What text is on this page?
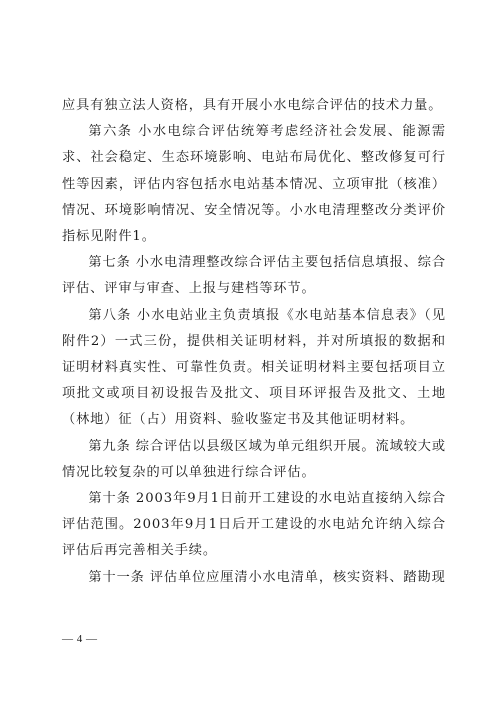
应具有独立法人资格，具有开展小水电综合评估的技术力量。

第六条 小水电综合评估统筹考虑经济社会发展、能源需求、社会稳定、生态环境影响、电站布局优化、整改修复可行性等因素，评估内容包括水电站基本情况、立项审批（核准）情况、环境影响情况、安全情况等。小水电清理整改分类评价指标见附件1。

第七条 小水电清理整改综合评估主要包括信息填报、综合评估、评审与审查、上报与建档等环节。

第八条 小水电站业主负责填报《水电站基本信息表》（见附件2）一式三份，提供相关证明材料，并对所填报的数据和证明材料真实性、可靠性负责。相关证明材料主要包括项目立项批文或项目初设报告及批文、项目环评报告及批文、土地（林地）征（占）用资料、验收鉴定书及其他证明材料。

第九条 综合评估以县级区域为单元组织开展。流域较大或情况比较复杂的可以单独进行综合评估。

第十条 2003年9月1日前开工建设的水电站直接纳入综合评估范围。2003年9月1日后开工建设的水电站允许纳入综合评估后再完善相关手续。

第十一条 评估单位应厘清小水电清单，核实资料、踏勘现

— 4 —
